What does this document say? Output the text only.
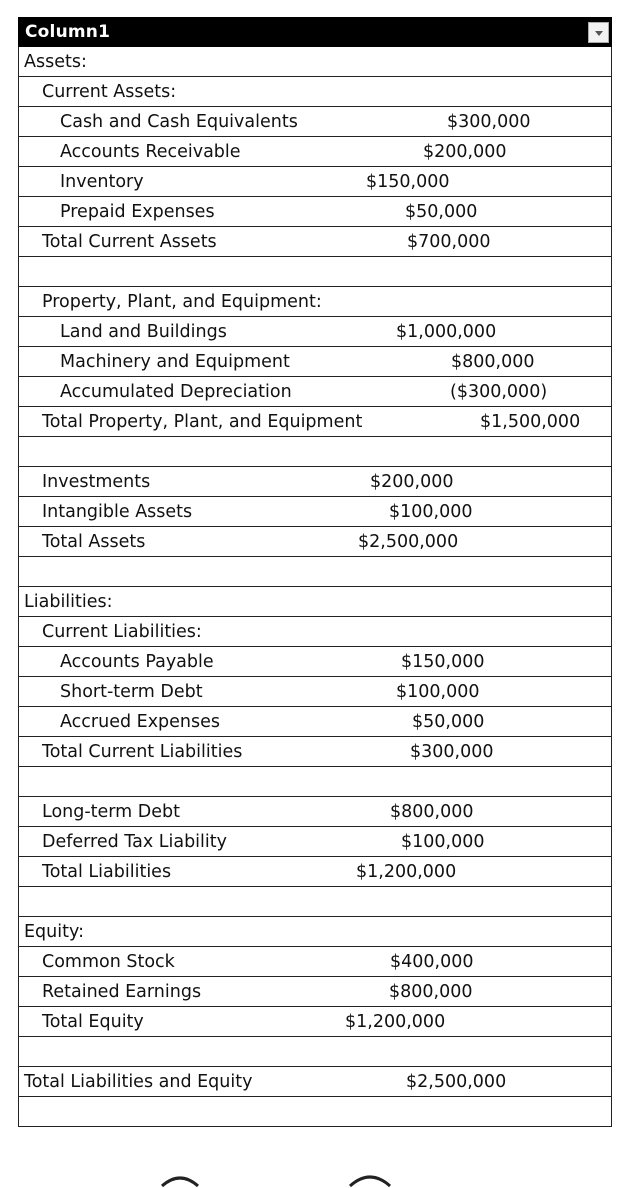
Column1
Assets:
Current Assets:
Cash and Cash Equivalents	$300,000
Accounts Receivable	$200,000
Inventory	$150,000
Prepaid Expenses	$50,000
Total Current Assets	$700,000
Property, Plant, and Equipment:
Land and Buildings	$1,000,000
Machinery and Equipment	$800,000
Accumulated Depreciation	($300,000)
Total Property, Plant, and Equipment	$1,500,000
Investments	$200,000
Intangible Assets	$100,000
Total Assets	$2,500,000
Liabilities:
Current Liabilities:
Accounts Payable	$150,000
Short-term Debt	$100,000
Accrued Expenses	$50,000
Total Current Liabilities	$300,000
Long-term Debt	$800,000
Deferred Tax Liability	$100,000
Total Liabilities	$1,200,000
Equity:
Common Stock	$400,000
Retained Earnings	$800,000
Total Equity	$1,200,000
Total Liabilities and Equity	$2,500,000
